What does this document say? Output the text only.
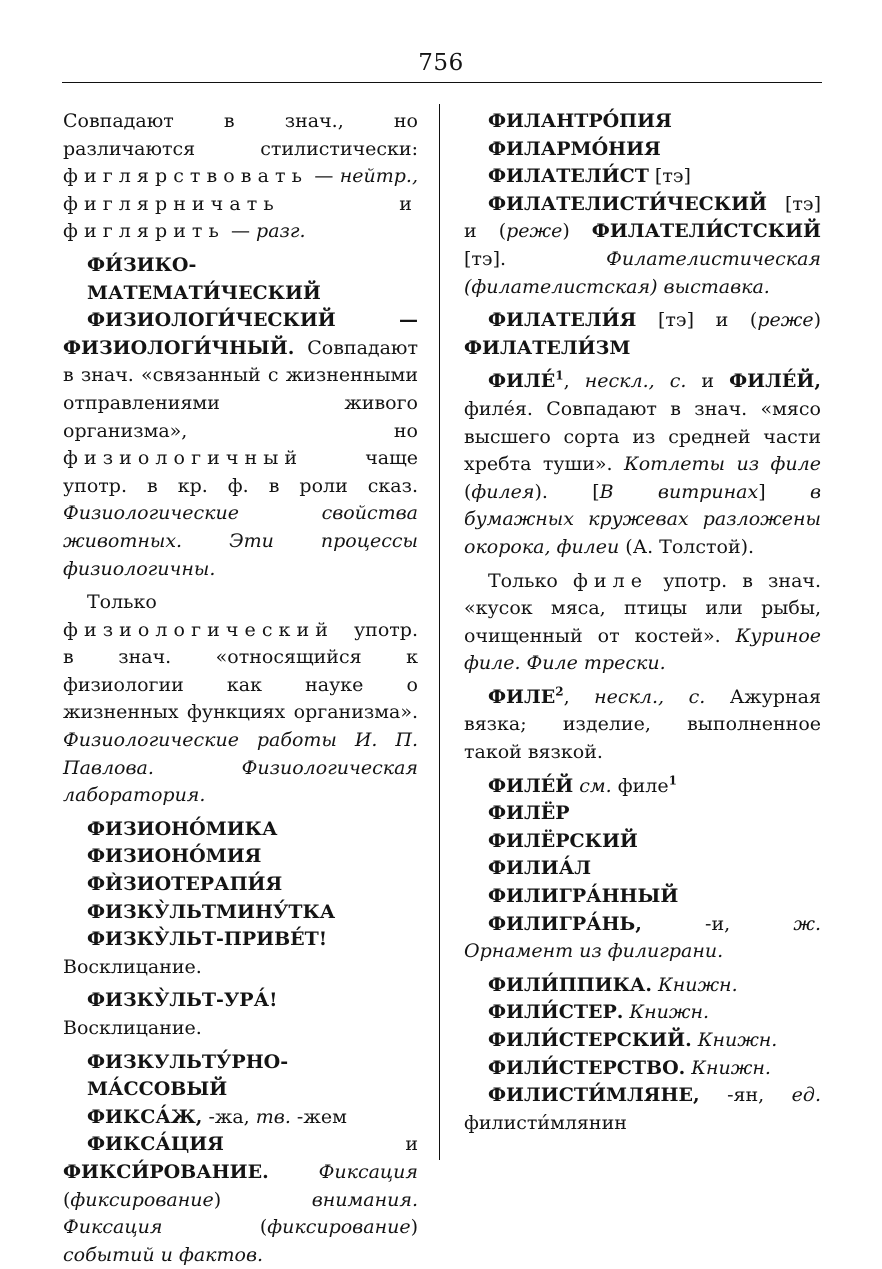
756

Совпадают в знач., но различаются стилистически: фиглярствовать — нейтр., фиглярничать	и фиглярить — разг.

ФИ́ЗИКО-МАТЕМАТИ́ЧЕСКИЙ

ФИЗИОЛОГИ́ЧЕСКИЙ — ФИЗИОЛОГИ́ЧНЫЙ. Совпадают в знач. «связанный с жизненными отправлениями живого организма», но физиологичный чаще употр. в кр. ф. в роли сказ. Физиологические свойства животных. Эти процессы физиологичны.

Только физиологический употр. в знач. «относящийся к физиологии как науке о жизненных функциях организма». Физиологические работы И. П. Павлова. Физиологическая лаборатория.

ФИЗИОНО́МИКА

ФИЗИОНО́МИЯ

ФЍЗИОТЕРАПИ́Я

ФИЗКУ̀ЛЬТМИНУ́ТКА

ФИЗКУ̀ЛЬТ-ПРИВЕ́Т! Восклицание.

ФИЗКУ̀ЛЬТ-УРА́! Восклицание.

ФИЗКУЛЬТУ́РНО-МА́ССОВЫЙ

ФИКСА́Ж, -жа, тв. -жем

ФИКСА́ЦИЯ и ФИКСИ́РОВАНИЕ.	Фиксация (фиксирование) внимания. Фиксация (фиксирование) событий и фактов.

ФИЛАНТРО́ПИЯ

ФИЛАРМО́НИЯ

ФИЛАТЕЛИ́СТ [тэ]

ФИЛАТЕЛИСТИ́ЧЕСКИЙ [тэ] и (реже) ФИЛАТЕЛИ́СТСКИЙ [тэ]. Филателистическая (филателистская) выставка.

ФИЛАТЕЛИ́Я [тэ] и (реже) ФИЛАТЕЛИ́ЗМ

ФИЛЕ́$^1$, нескл., с. и ФИЛЕ́Й, филе́я. Совпадают в знач. «мясо высшего сорта из средней части хребта туши». Котлеты из филе (филея). [В витринах] в бумажных кружевах разложены окорока, филеи (А. Толстой).

Только филе употр. в знач. «кусок мяса, птицы или рыбы, очищенный от костей». Куриное филе. Филе трески.

ФИЛЕ$^2$, нескл., с. Ажурная вязка; изделие, выполненное такой вязкой.

ФИЛЕ́Й см. филе$^1$

ФИЛЁР

ФИЛЁРСКИЙ

ФИЛИА́Л

ФИЛИГРА́ННЫЙ

ФИЛИГРА́НЬ, -и, ж. Орнамент из филиграни.

ФИЛИ́ППИКА. Книжн.

ФИЛИ́СТЕР. Книжн.

ФИЛИ́СТЕРСКИЙ. Книжн.

ФИЛИ́СТЕРСТВО. Книжн.

ФИЛИСТИ́МЛЯНЕ, -ян, ед. филисти́млянин
